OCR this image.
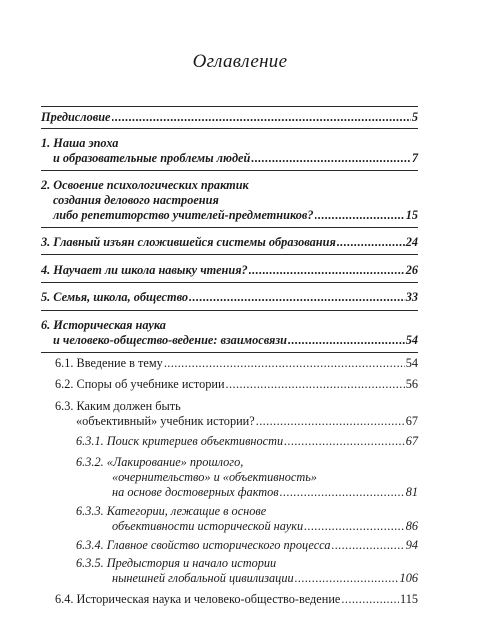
Оглавление
Предисловие .....	5
1. Наша эпоха
и образовательные проблемы людей .....	7
2. Освоение психологических практик
создания делового настроения
либо репетиторство учителей-предметников? .....	15
3. Главный изъян сложившейся системы образования .....	24
4. Научает ли школа навыку чтения? .....	26
5. Семья, школа, общество .....	33
6. Историческая наука
и человеко-общество-ведение: взаимосвязи .....	54
6.1. Введение в тему .....	54
6.2. Споры об учебнике истории .....	56
6.3. Каким должен быть
«объективный» учебник истории? .....	67
6.3.1. Поиск критериев объективности .....	67
6.3.2. «Лакирование» прошлого,
«очернительство» и «объективность»
на основе достоверных фактов .....	81
6.3.3. Категории, лежащие в основе
объективности исторической науки .....	86
6.3.4. Главное свойство исторического процесса .....	94
6.3.5. Предыстория и начало истории
нынешней глобальной цивилизации .....	106
6.4. Историческая наука и человеко-общество-ведение .....	115
